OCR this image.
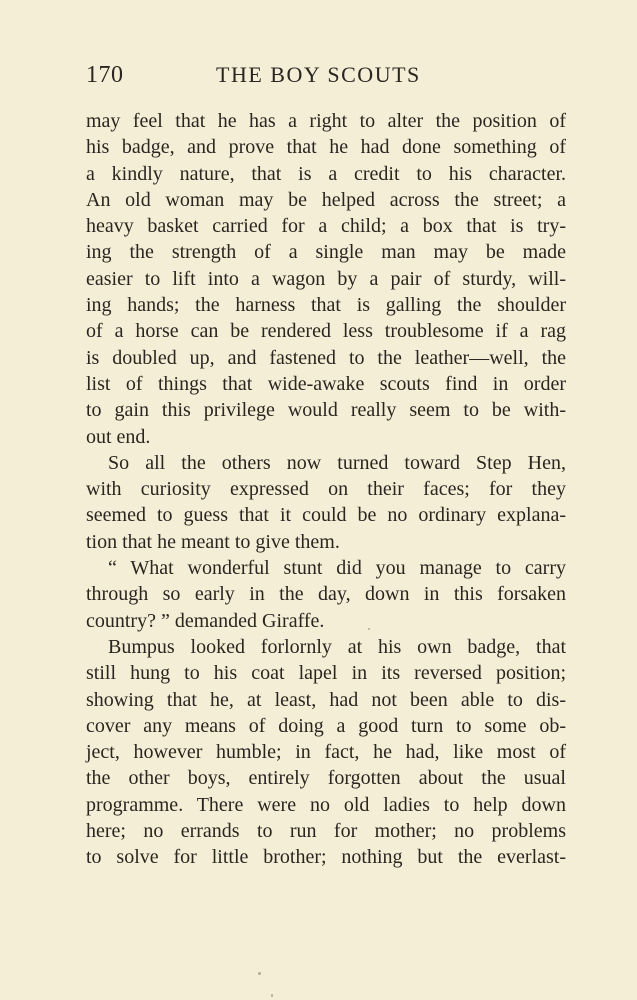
170	THE BOY SCOUTS
may feel that he has a right to alter the position of
his badge, and prove that he had done something of
a kindly nature, that is a credit to his character.
An old woman may be helped across the street; a
heavy basket carried for a child; a box that is try-
ing the strength of a single man may be made
easier to lift into a wagon by a pair of sturdy, will-
ing hands; the harness that is galling the shoulder
of a horse can be rendered less troublesome if a rag
is doubled up, and fastened to the leather—well, the
list of things that wide-awake scouts find in order
to gain this privilege would really seem to be with-
out end.
So all the others now turned toward Step Hen,
with curiosity expressed on their faces; for they
seemed to guess that it could be no ordinary explana-
tion that he meant to give them.
“ What wonderful stunt did you manage to carry
through so early in the day, down in this forsaken
country? ” demanded Giraffe.
Bumpus looked forlornly at his own badge, that
still hung to his coat lapel in its reversed position;
showing that he, at least, had not been able to dis-
cover any means of doing a good turn to some ob-
ject, however humble; in fact, he had, like most of
the other boys, entirely forgotten about the usual
programme. There were no old ladies to help down
here; no errands to run for mother; no problems
to solve for little brother; nothing but the everlast-
